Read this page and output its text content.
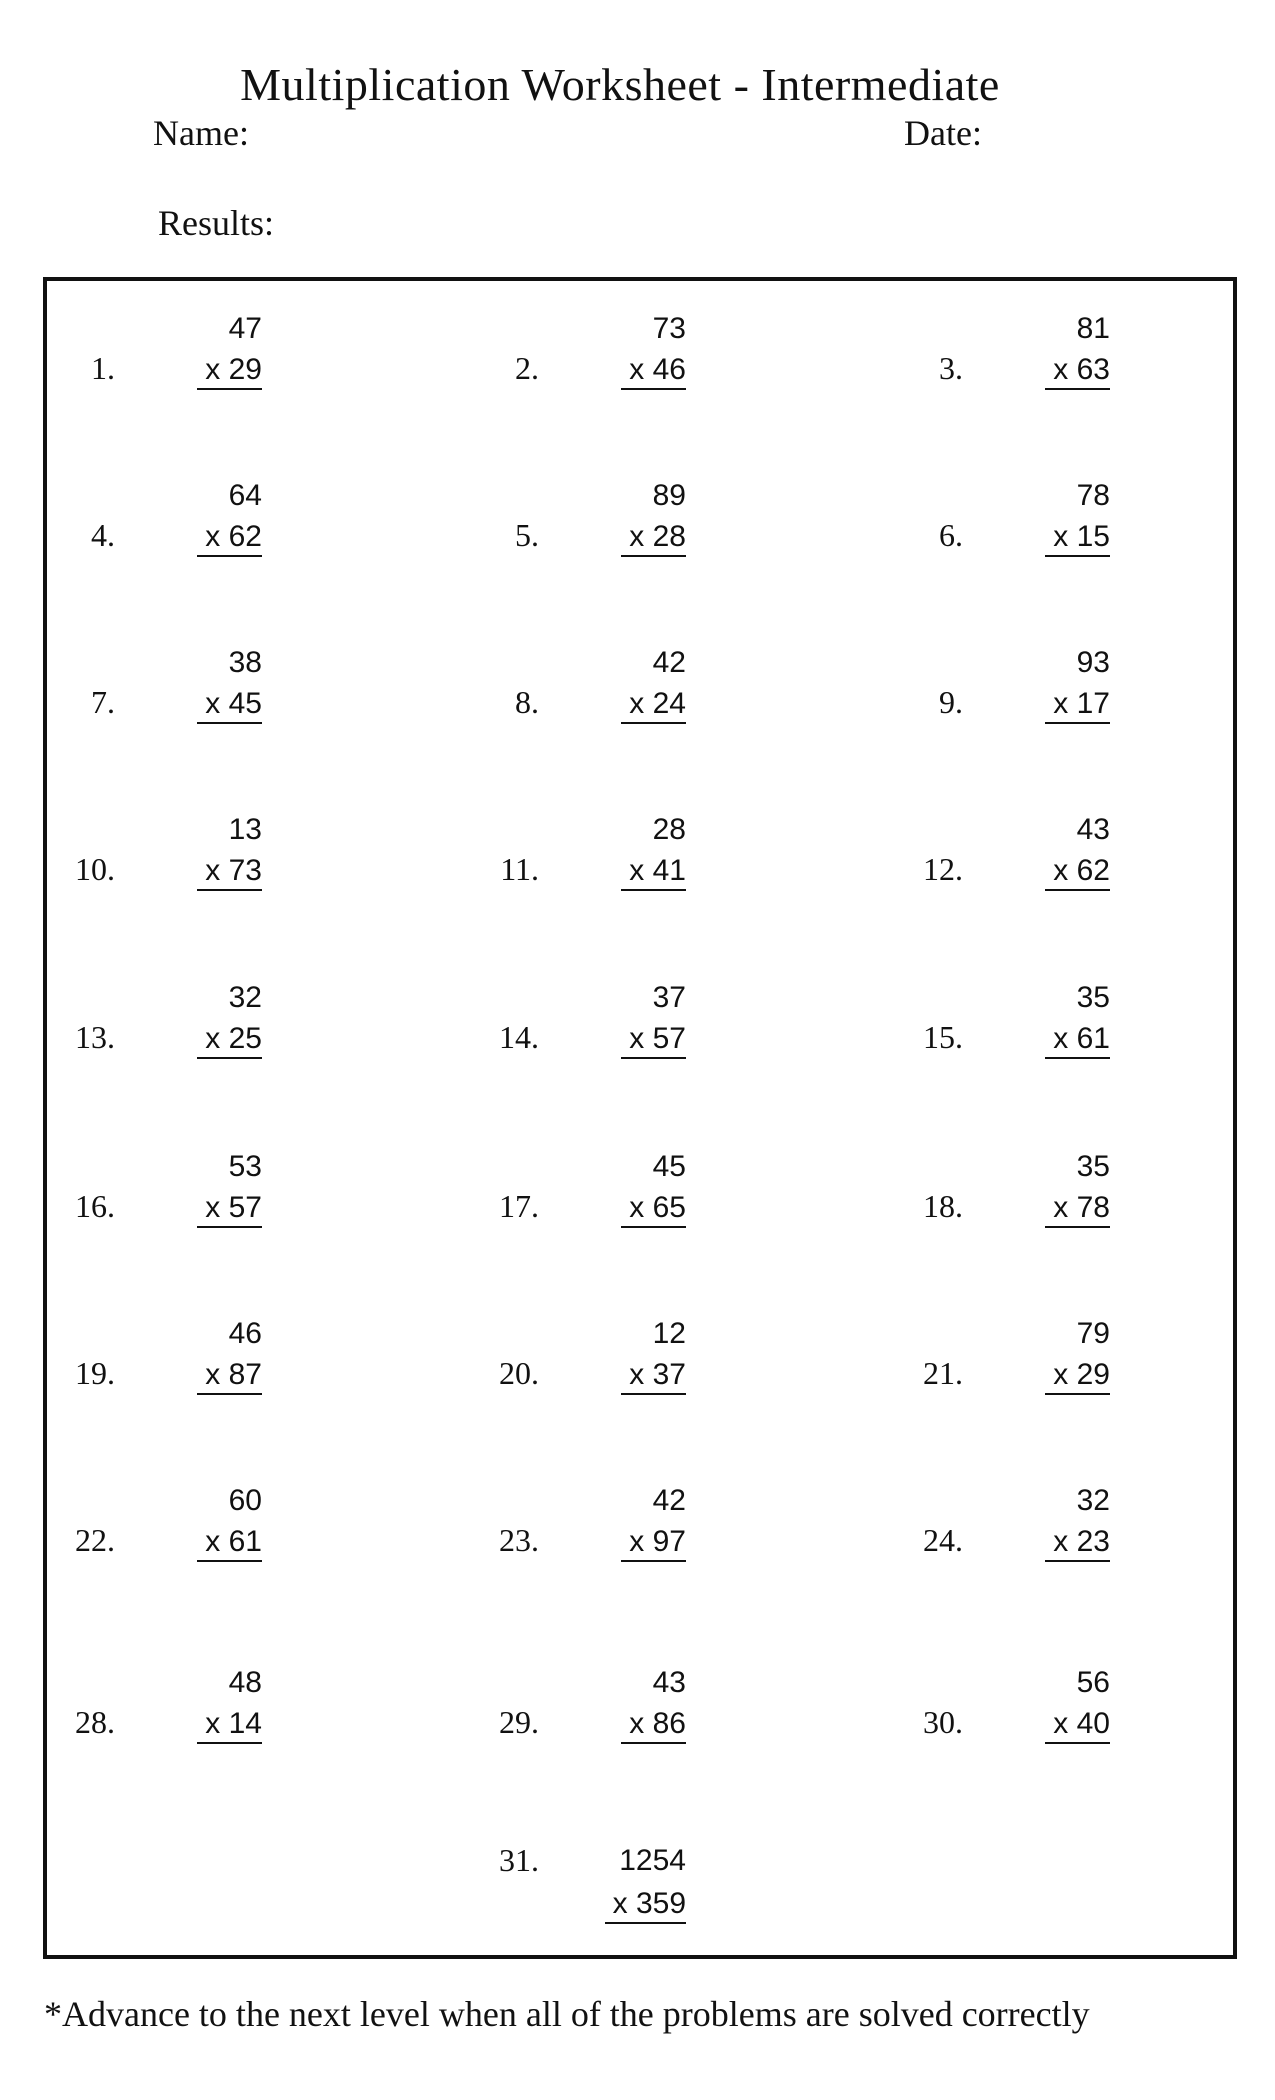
Multiplication Worksheet - Intermediate
Name:	Date:
Results:
1.
47
x 29	2.
73
x 46	3.
81
x 63
4.
64
x 62	5.
89
x 28	6.
78
x 15
7.
38
x 45	8.
42
x 24	9.
93
x 17
10.
13
x 73	11.
28
x 41	12.
43
x 62
13.
32
x 25	14.
37
x 57	15.
35
x 61
16.
53
x 57	17.
45
x 65	18.
35
x 78
19.
46
x 87	20.
12
x 37	21.
79
x 29
22.
60
x 61	23.
42
x 97	24.
32
x 23
28.
48
x 14	29.
43
x 86	30.
56
x 40
31.	1254
x 359
*Advance to the next level when all of the problems are solved correctly
